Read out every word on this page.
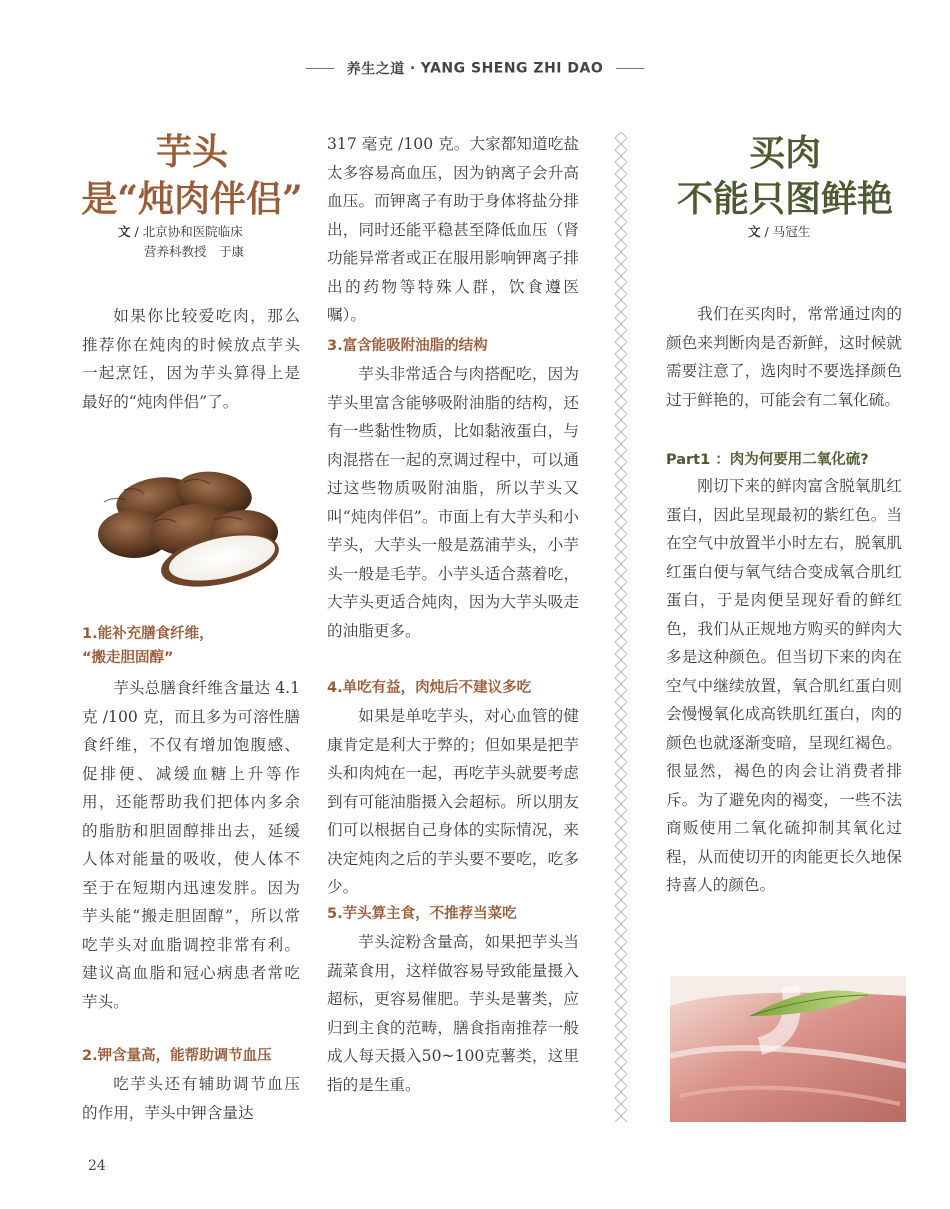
养生之道 · YANG SHENG ZHI DAO
芋头
是“炖肉伴侣”
文 / 北京协和医院临床
营养科教授　于康

如果你比较爱吃肉，那么推荐你在炖肉的时候放点芋头一起烹饪，因为芋头算得上是最好的“炖肉伴侣”了。

1.能补充膳食纤维，

“搬走胆固醇”

芋头总膳食纤维含量达 4.1 克 /100 克，而且多为可溶性膳食纤维，不仅有增加饱腹感、促排便、减缓血糖上升等作用，还能帮助我们把体内多余的脂肪和胆固醇排出去，延缓人体对能量的吸收，使人体不至于在短期内迅速发胖。因为芋头能“搬走胆固醇”，所以常吃芋头对血脂调控非常有利。建议高血脂和冠心病患者常吃芋头。

2.钾含量高，能帮助调节血压

吃芋头还有辅助调节血压的作用，芋头中钾含量达

317 毫克 /100 克。大家都知道吃盐太多容易高血压，因为钠离子会升高血压。而钾离子有助于身体将盐分排出，同时还能平稳甚至降低血压（肾功能异常者或正在服用影响钾离子排出的药物等特殊人群，饮食遵医嘱）。

3.富含能吸附油脂的结构

芋头非常适合与肉搭配吃，因为芋头里富含能够吸附油脂的结构，还有一些黏性物质，比如黏液蛋白，与肉混搭在一起的烹调过程中，可以通过这些物质吸附油脂，所以芋头又叫“炖肉伴侣”。市面上有大芋头和小芋头，大芋头一般是荔浦芋头，小芋头一般是毛芋。小芋头适合蒸着吃，大芋头更适合炖肉，因为大芋头吸走的油脂更多。

4.单吃有益，肉炖后不建议多吃

如果是单吃芋头，对心血管的健康肯定是利大于弊的；但如果是把芋头和肉炖在一起，再吃芋头就要考虑到有可能油脂摄入会超标。所以朋友们可以根据自己身体的实际情况，来决定炖肉之后的芋头要不要吃，吃多少。

5.芋头算主食，不推荐当菜吃

芋头淀粉含量高，如果把芋头当蔬菜食用，这样做容易导致能量摄入超标，更容易催肥。芋头是薯类，应归到主食的范畴，膳食指南推荐一般成人每天摄入50~100克薯类，这里指的是生重。

买肉
不能只图鲜艳
文 / 马冠生

我们在买肉时，常常通过肉的颜色来判断肉是否新鲜，这时候就需要注意了，选肉时不要选择颜色过于鲜艳的，可能会有二氧化硫。

Part1 ：肉为何要用二氧化硫?

刚切下来的鲜肉富含脱氧肌红蛋白，因此呈现最初的紫红色。当在空气中放置半小时左右，脱氧肌红蛋白便与氧气结合变成氧合肌红蛋白，于是肉便呈现好看的鲜红色，我们从正规地方购买的鲜肉大多是这种颜色。但当切下来的肉在空气中继续放置，氧合肌红蛋白则会慢慢氧化成高铁肌红蛋白，肉的颜色也就逐渐变暗，呈现红褐色。很显然，褐色的肉会让消费者排斥。为了避免肉的褐变，一些不法商贩使用二氧化硫抑制其氧化过程，从而使切开的肉能更长久地保持喜人的颜色。

24
